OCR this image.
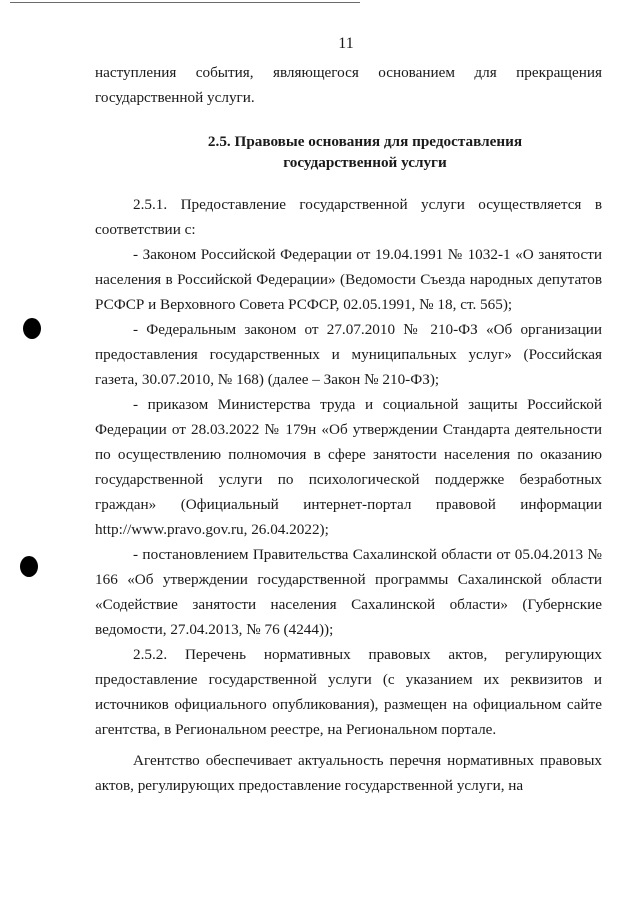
11

наступления события, являющегося основанием для прекращения государственной услуги.

2.5. Правовые основания для предоставления
государственной услуги

2.5.1. Предоставление государственной услуги осуществляется в соответствии с:

- Законом Российской Федерации от 19.04.1991 № 1032-1 «О занятости населения в Российской Федерации» (Ведомости Съезда народных депутатов РСФСР и Верховного Совета РСФСР, 02.05.1991, № 18, ст. 565);

- Федеральным законом от 27.07.2010 № 210-ФЗ «Об организации предоставления государственных и муниципальных услуг» (Российская газета, 30.07.2010, № 168) (далее – Закон № 210-ФЗ);

- приказом Министерства труда и социальной защиты Российской Федерации от 28.03.2022 № 179н «Об утверждении Стандарта деятельности по осуществлению полномочия в сфере занятости населения по оказанию государственной услуги по психологической поддержке безработных граждан» (Официальный интернет-портал правовой информации http://www.pravo.gov.ru, 26.04.2022);

- постановлением Правительства Сахалинской области от 05.04.2013 № 166 «Об утверждении государственной программы Сахалинской области «Содействие занятости населения Сахалинской области» (Губернские ведомости, 27.04.2013, № 76 (4244));

2.5.2. Перечень нормативных правовых актов, регулирующих предоставление государственной услуги (с указанием их реквизитов и источников официального опубликования), размещен на официальном сайте агентства, в Региональном реестре, на Региональном портале.

Агентство обеспечивает актуальность перечня нормативных правовых актов, регулирующих предоставление государственной услуги, на
